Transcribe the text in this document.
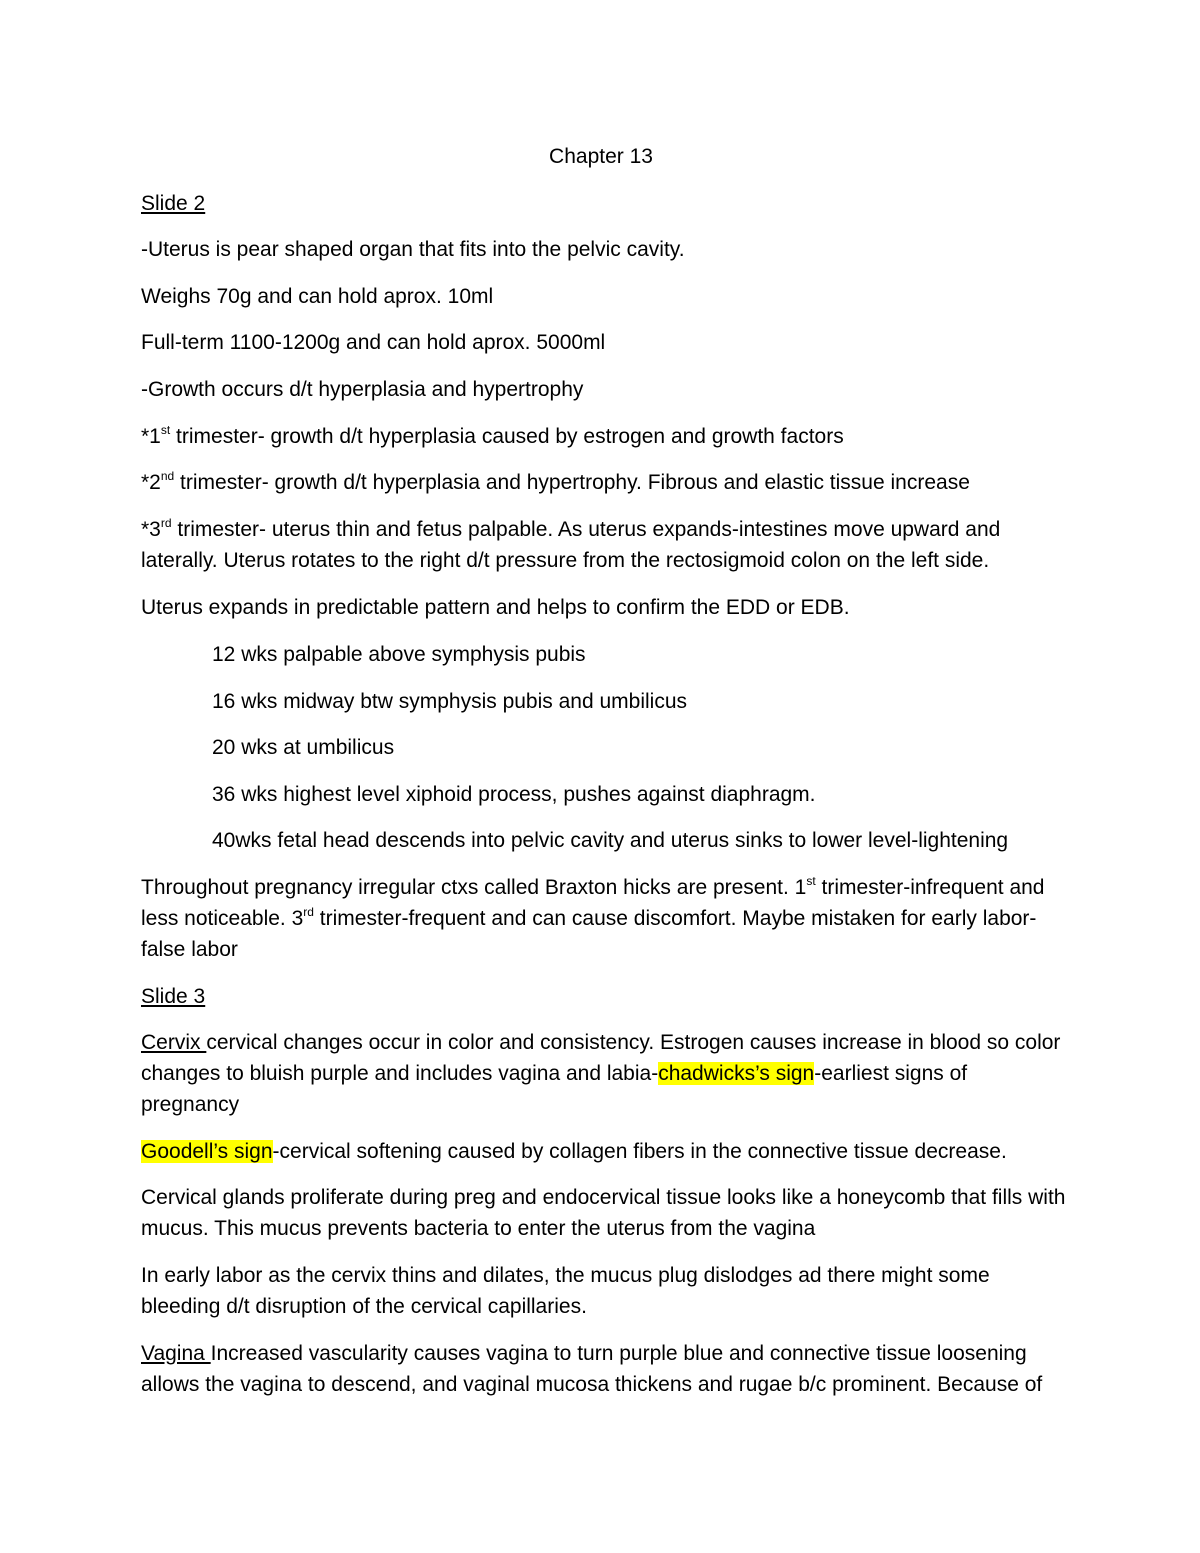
Chapter 13

Slide 2

-Uterus is pear shaped organ that fits into the pelvic cavity.

Weighs 70g and can hold aprox. 10ml

Full-term 1100-1200g and can hold aprox. 5000ml

-Growth occurs d/t hyperplasia and hypertrophy

*1st trimester- growth d/t hyperplasia caused by estrogen and growth factors

*2nd trimester- growth d/t hyperplasia and hypertrophy. Fibrous and elastic tissue increase

*3rd trimester- uterus thin and fetus palpable. As uterus expands-intestines move upward and laterally. Uterus rotates to the right d/t pressure from the rectosigmoid colon on the left side.

Uterus expands in predictable pattern and helps to confirm the EDD or EDB.

12 wks palpable above symphysis pubis

16 wks midway btw symphysis pubis and umbilicus

20 wks at umbilicus

36 wks highest level xiphoid process, pushes against diaphragm.

40wks fetal head descends into pelvic cavity and uterus sinks to lower level-lightening

Throughout pregnancy irregular ctxs called Braxton hicks are present. 1st trimester-infrequent and less noticeable. 3rd trimester-frequent and can cause discomfort. Maybe mistaken for early labor-false labor

Slide 3

Cervix cervical changes occur in color and consistency. Estrogen causes increase in blood so color changes to bluish purple and includes vagina and labia-chadwicks’s sign-earliest signs of pregnancy

Goodell’s sign-cervical softening caused by collagen fibers in the connective tissue decrease.

Cervical glands proliferate during preg and endocervical tissue looks like a honeycomb that fills with mucus. This mucus prevents bacteria to enter the uterus from the vagina

In early labor as the cervix thins and dilates, the mucus plug dislodges ad there might some bleeding d/t disruption of the cervical capillaries.

Vagina Increased vascularity causes vagina to turn purple blue and connective tissue loosening allows the vagina to descend, and vaginal mucosa thickens and rugae b/c prominent. Because of
